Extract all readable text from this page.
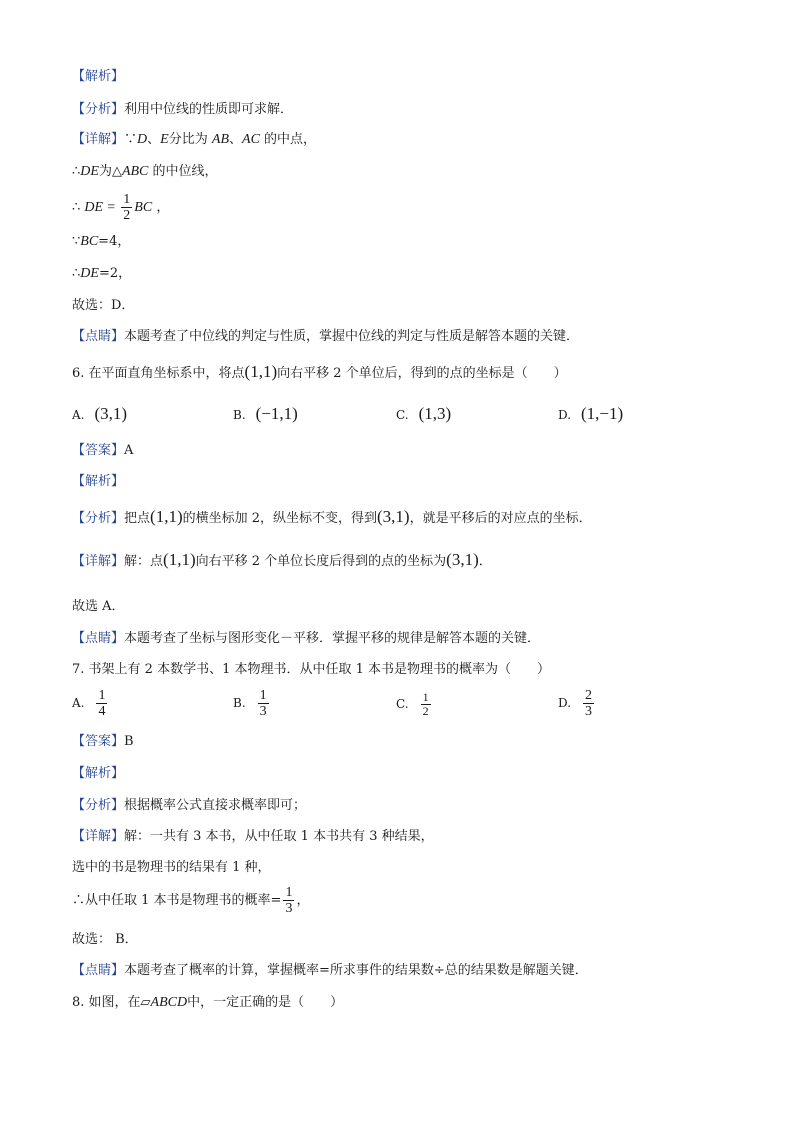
【解析】
【分析】利用中位线的性质即可求解．
【详解】∵D、E分比为 AB、AC 的中点，
∴DE为△ABC 的中位线，
∴ DE = $\frac{1}{2}$ BC ，
∵BC=4，
∴DE=2，
故选：D．
【点睛】本题考查了中位线的判定与性质，掌握中位线的判定与性质是解答本题的关键．
6. 在平面直角坐标系中，将点(1,1)向右平移 2 个单位后，得到的点的坐标是（　　）
A. (3,1)	B. (−1,1)	C. (1,3)	D. (1,−1)
【答案】A
【解析】
【分析】把点(1,1)的横坐标加 2，纵坐标不变，得到(3,1)，就是平移后的对应点的坐标．
【详解】解：点(1,1)向右平移 2 个单位长度后得到的点的坐标为(3,1)．
故选 A．
【点睛】本题考查了坐标与图形变化－平移．掌握平移的规律是解答本题的关键．
7. 书架上有 2 本数学书、1 本物理书．从中任取 1 本书是物理书的概率为（　　）
A. $\frac{1}{4}$	B. $\frac{1}{3}$	C. $\frac{1}{2}$	D. $\frac{2}{3}$
【答案】B
【解析】
【分析】根据概率公式直接求概率即可；
【详解】解：一共有 3 本书，从中任取 1 本书共有 3 种结果，
选中的书是物理书的结果有 1 种，
∴从中任取 1 本书是物理书的概率= $\frac{1}{3}$ ，
故选： B．
【点睛】本题考查了概率的计算，掌握概率=所求事件的结果数÷总的结果数是解题关键．
8. 如图，在▱ABCD中，一定正确的是（　　）
